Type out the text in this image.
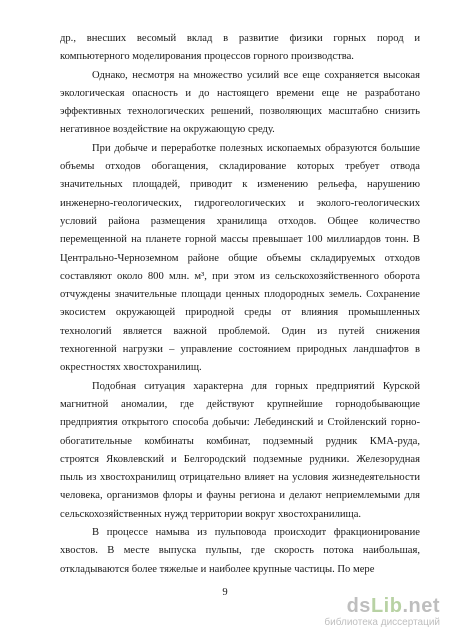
др., внесших весомый вклад в развитие физики горных пород и
компьютерного моделирования процессов горного производства.

Однако, несмотря на множество усилий все еще сохраняется высокая
экологическая опасность и до настоящего времени еще не разработано
эффективных технологических решений, позволяющих масштабно снизить
негативное воздействие на окружающую среду.

При добыче и переработке полезных ископаемых образуются большие
объемы отходов обогащения, складирование которых требует отвода
значительных площадей, приводит к изменению рельефа, нарушению
инженерно-геологических, гидрогеологических и эколого-геологических
условий района размещения хранилища отходов. Общее количество
перемещенной на планете горной массы превышает 100 миллиардов тонн. В
Центрально-Черноземном районе общие объемы складируемых отходов
составляют около 800 млн. м³, при этом из сельскохозяйственного оборота
отчуждены значительные площади ценных плодородных земель. Сохранение
экосистем окружающей природной среды от влияния промышленных
технологий является важной проблемой. Один из путей снижения
техногенной нагрузки – управление состоянием природных ландшафтов в
окрестностях хвостохранилищ.

Подобная ситуация характерна для горных предприятий Курской
магнитной аномалии, где действуют крупнейшие горнодобывающие
предприятия открытого способа добычи: Лебединский и Стойленский горно-
обогатительные комбинаты комбинат, подземный рудник КМА-руда,
строятся Яковлевский и Белгородский подземные рудники. Железорудная
пыль из хвостохранилищ отрицательно влияет на условия жизнедеятельности
человека, организмов флоры и фауны региона и делают неприемлемыми для
сельскохозяйственных нужд территории вокруг хвостохранилища.

В процессе намыва из пульповода происходит фракционирование
хвостов. В месте выпуска пульпы, где скорость потока наибольшая,
откладываются более тяжелые и наиболее крупные частицы. По мере

9
dsLib.net
библиотека диссертаций
